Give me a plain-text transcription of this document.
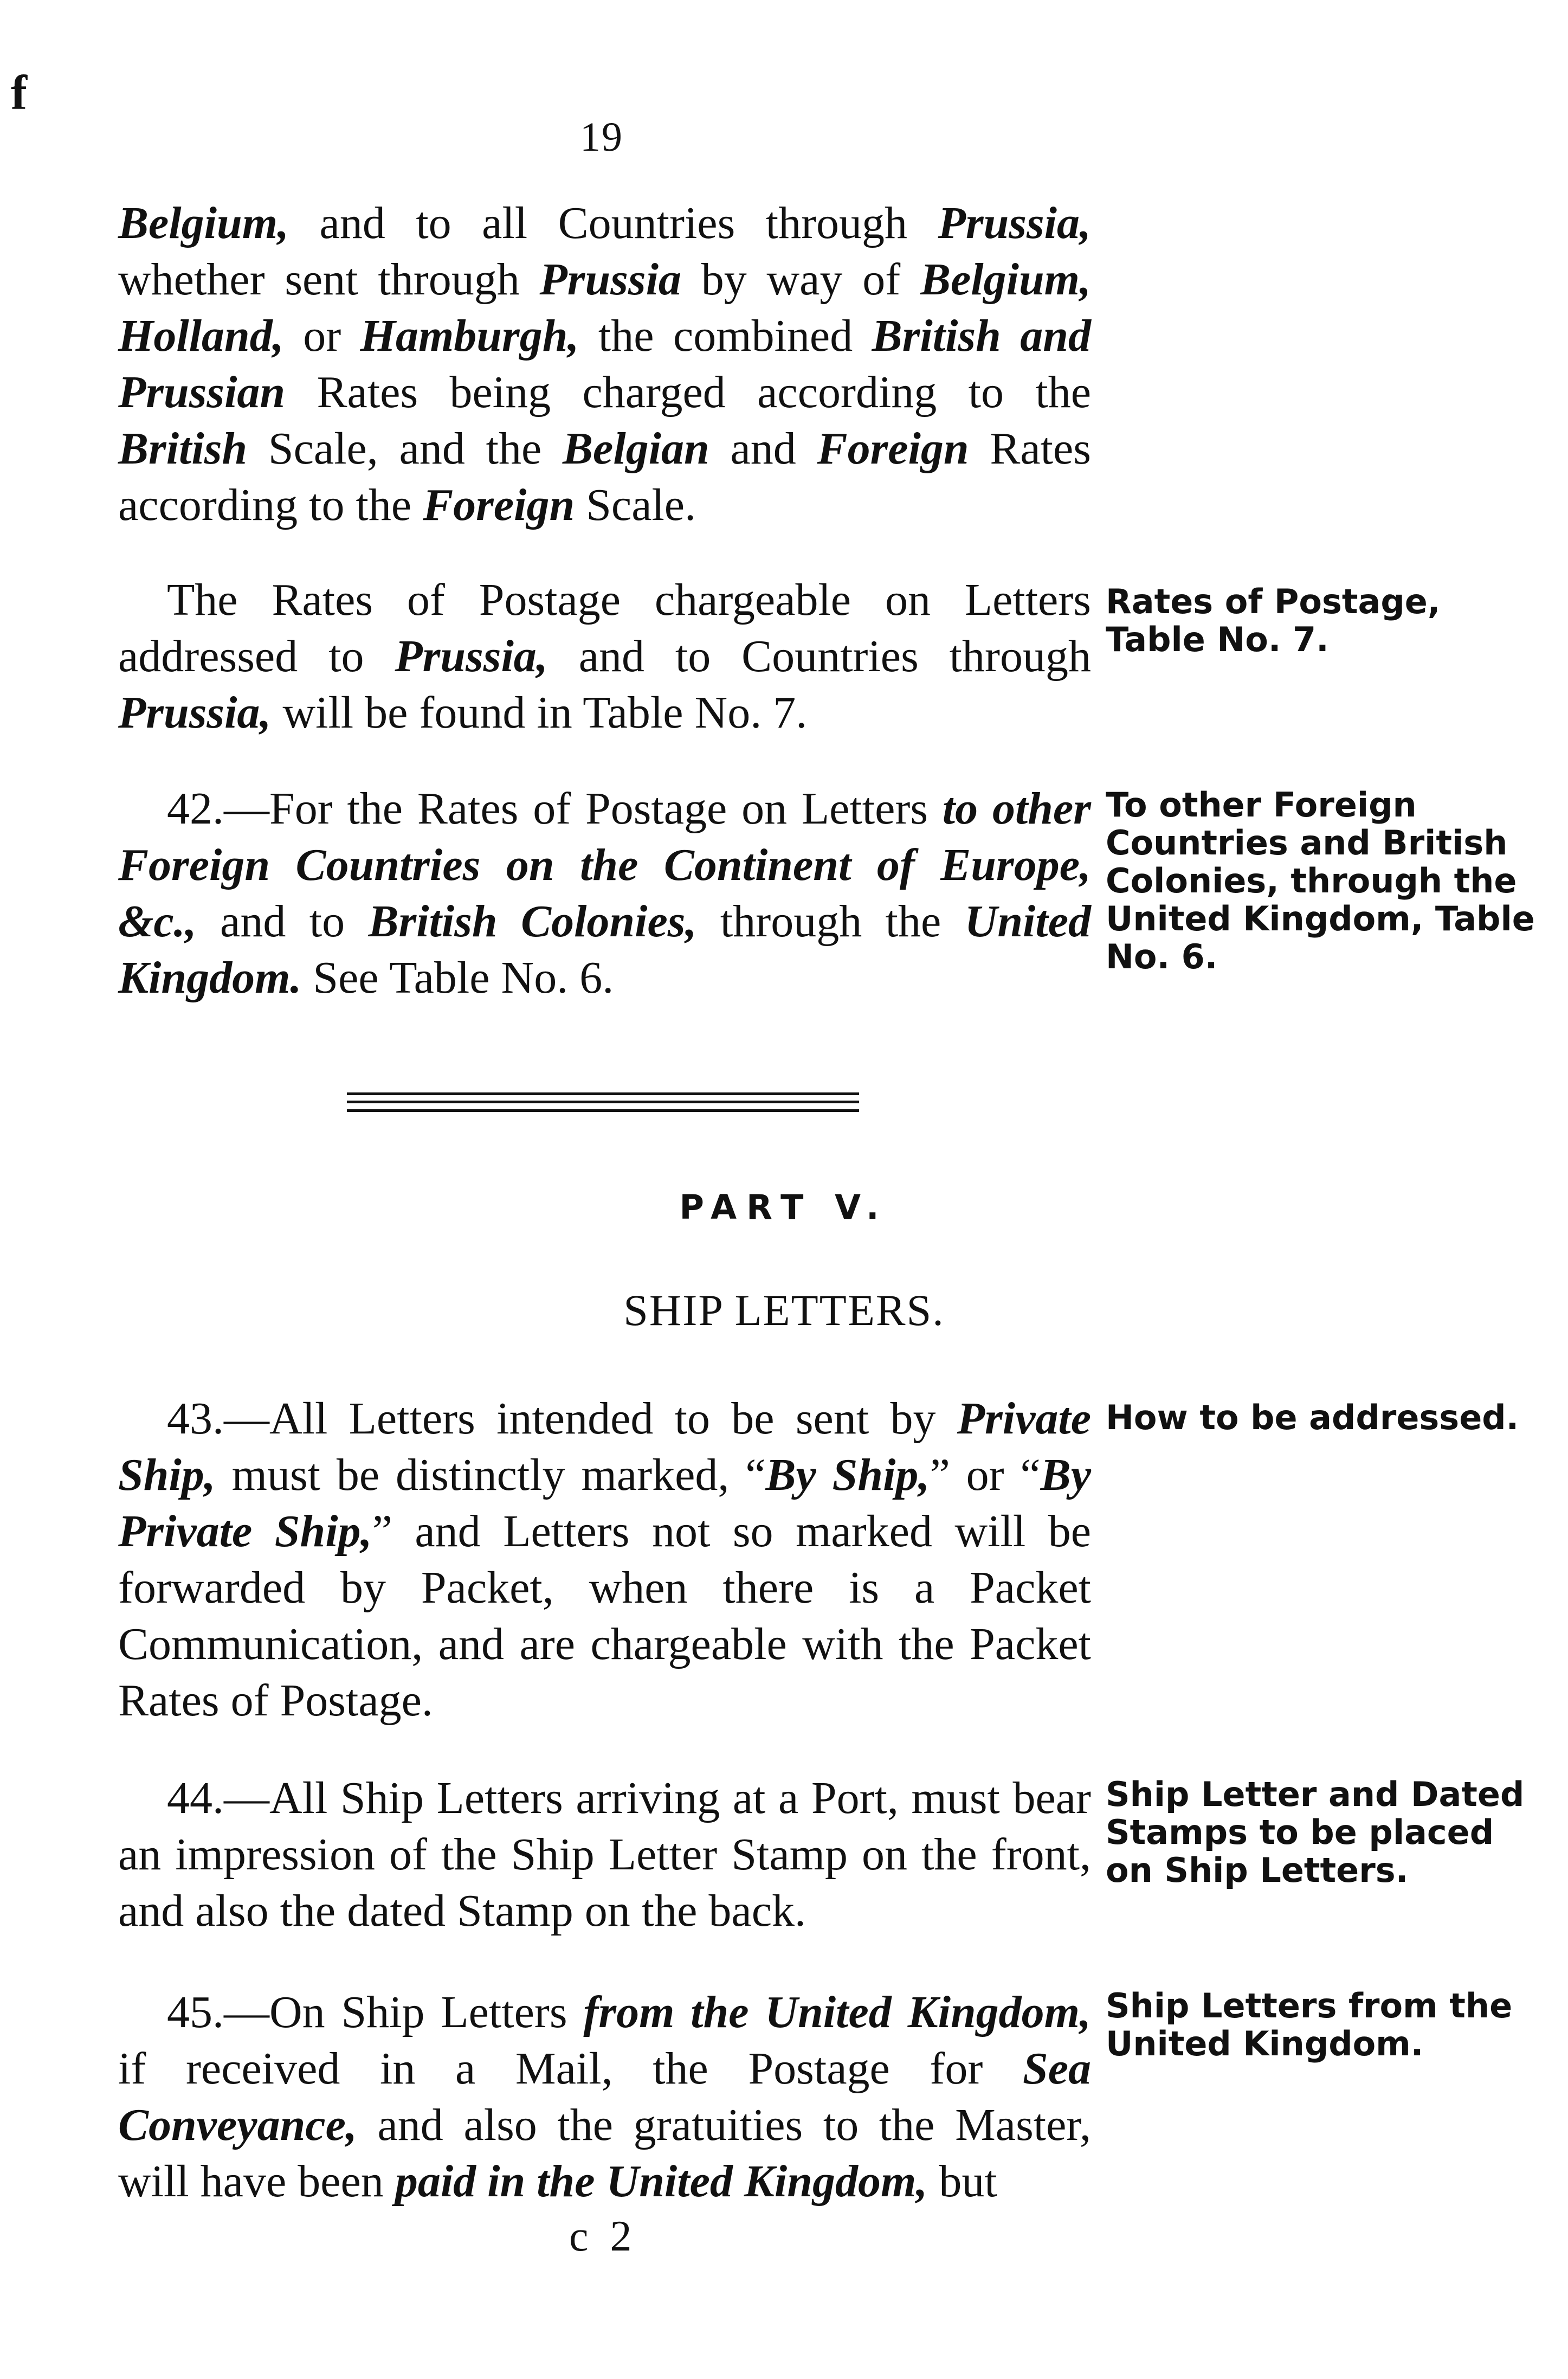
f
19

Belgium, and to all Countries through Prussia, whether sent through Prussia by way of Belgium, Holland, or Hamburgh, the combined British and Prussian Rates being charged according to the British Scale, and the Belgian and Foreign Rates according to the Foreign Scale.

The Rates of Postage chargeable on Letters addressed to Prussia, and to Countries through Prussia, will be found in Table No. 7.

Rates of Postage, Table No. 7.

42.—For the Rates of Postage on Letters to other Foreign Countries on the Continent of Europe, &c., and to British Colonies, through the United Kingdom. See Table No. 6.

To other Foreign Countries and British Colonies, through the United Kingdom, Table No. 6.
PART V.
SHIP LETTERS.

43.—All Letters intended to be sent by Private Ship, must be distinctly marked, “By Ship,” or “By Private Ship,” and Letters not so marked will be forwarded by Packet, when there is a Packet Communication, and are chargeable with the Packet Rates of Postage.

How to be addressed.

44.—All Ship Letters arriving at a Port, must bear an impression of the Ship Letter Stamp on the front, and also the dated Stamp on the back.

Ship Letter and Dated Stamps to be placed on Ship Letters.

45.—On Ship Letters from the United Kingdom, if received in a Mail, the Postage for Sea Conveyance, and also the gratuities to the Master, will have been paid in the United Kingdom, but

Ship Letters from the United Kingdom.
c 2
